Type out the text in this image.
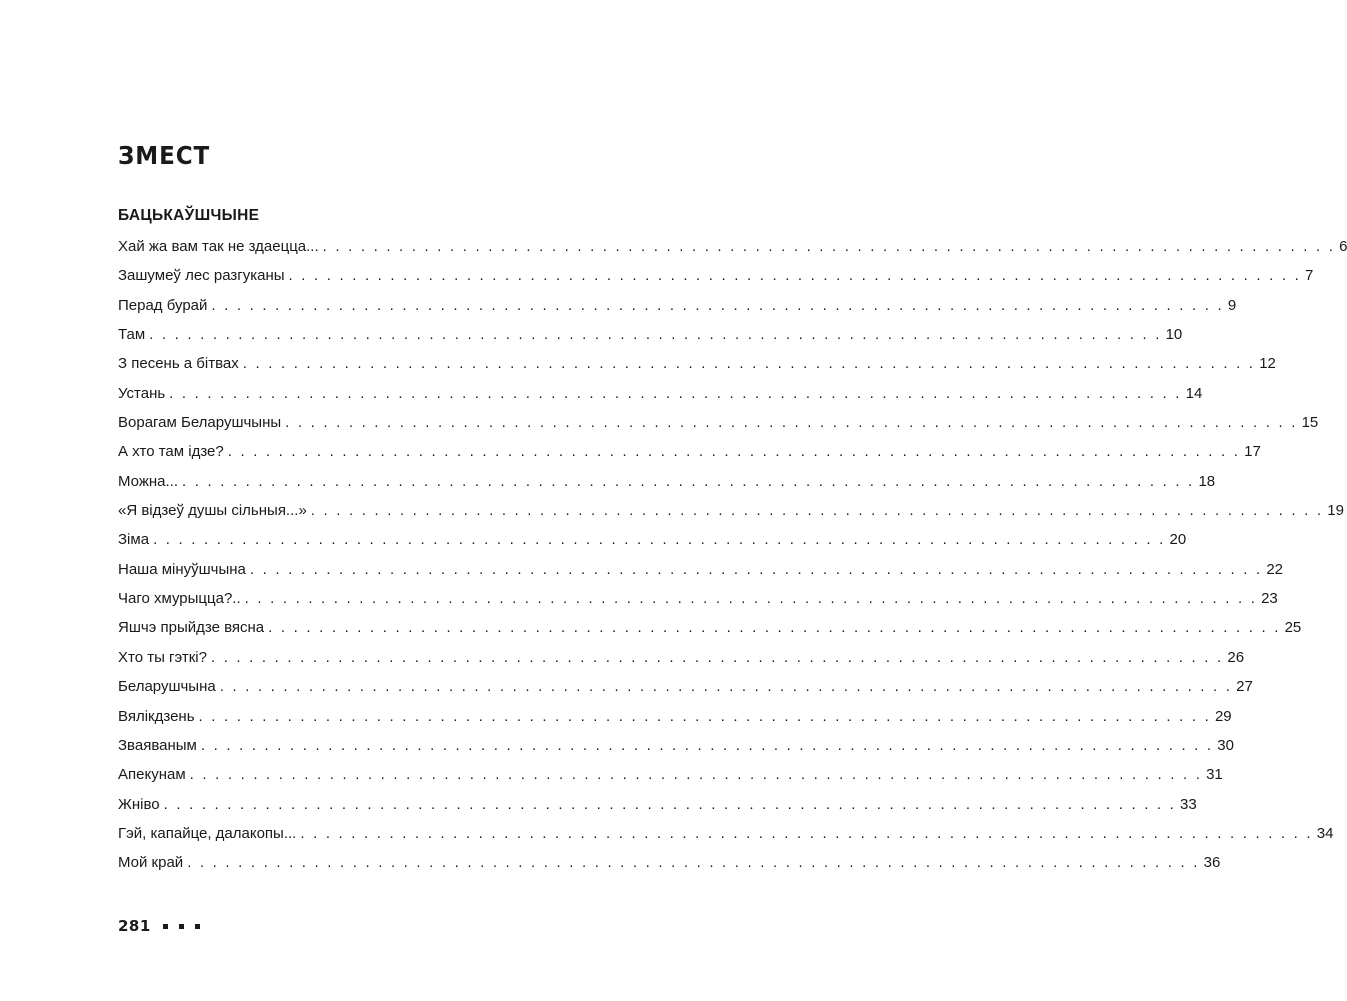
ЗМЕСТ
БАЦЬКАЎШЧЫНЕ
Хай жа вам так не здаецца... . . . . . . . . . . . . . . . . . . . . . . . . . . . . . . . . . . . . . . . . . . . . . . . . . . . . . . . . . . . . . . . . . . . . . . . . . . . . . . . . 6
Зашумеў лес разгуканы . . . . . . . . . . . . . . . . . . . . . . . . . . . . . . . . . . . . . . . . . . . . . . . . . . . . . . . . . . . . . . . . . . . . . . . . . . . . . . . . 7
Перад бурай . . . . . . . . . . . . . . . . . . . . . . . . . . . . . . . . . . . . . . . . . . . . . . . . . . . . . . . . . . . . . . . . . . . . . . . . . . . . . . . . 9
Там . . . . . . . . . . . . . . . . . . . . . . . . . . . . . . . . . . . . . . . . . . . . . . . . . . . . . . . . . . . . . . . . . . . . . . . . . . . . . . . . 10
З песень а бітвах . . . . . . . . . . . . . . . . . . . . . . . . . . . . . . . . . . . . . . . . . . . . . . . . . . . . . . . . . . . . . . . . . . . . . . . . . . . . . . . . 12
Устань . . . . . . . . . . . . . . . . . . . . . . . . . . . . . . . . . . . . . . . . . . . . . . . . . . . . . . . . . . . . . . . . . . . . . . . . . . . . . . . . 14
Ворагам Беларушчыны . . . . . . . . . . . . . . . . . . . . . . . . . . . . . . . . . . . . . . . . . . . . . . . . . . . . . . . . . . . . . . . . . . . . . . . . . . . . . . . . 15
А хто там ідзе? . . . . . . . . . . . . . . . . . . . . . . . . . . . . . . . . . . . . . . . . . . . . . . . . . . . . . . . . . . . . . . . . . . . . . . . . . . . . . . . . 17
Можна... . . . . . . . . . . . . . . . . . . . . . . . . . . . . . . . . . . . . . . . . . . . . . . . . . . . . . . . . . . . . . . . . . . . . . . . . . . . . . . . . 18
«Я відзеў душы сільныя...» . . . . . . . . . . . . . . . . . . . . . . . . . . . . . . . . . . . . . . . . . . . . . . . . . . . . . . . . . . . . . . . . . . . . . . . . . . . . . . . . 19
Зіма . . . . . . . . . . . . . . . . . . . . . . . . . . . . . . . . . . . . . . . . . . . . . . . . . . . . . . . . . . . . . . . . . . . . . . . . . . . . . . . . 20
Наша мінуўшчына . . . . . . . . . . . . . . . . . . . . . . . . . . . . . . . . . . . . . . . . . . . . . . . . . . . . . . . . . . . . . . . . . . . . . . . . . . . . . . . . 22
Чаго хмурыцца?.. . . . . . . . . . . . . . . . . . . . . . . . . . . . . . . . . . . . . . . . . . . . . . . . . . . . . . . . . . . . . . . . . . . . . . . . . . . . . . . . . 23
Яшчэ прыйдзе вясна . . . . . . . . . . . . . . . . . . . . . . . . . . . . . . . . . . . . . . . . . . . . . . . . . . . . . . . . . . . . . . . . . . . . . . . . . . . . . . . . 25
Хто ты гэткі? . . . . . . . . . . . . . . . . . . . . . . . . . . . . . . . . . . . . . . . . . . . . . . . . . . . . . . . . . . . . . . . . . . . . . . . . . . . . . . . . 26
Беларушчына . . . . . . . . . . . . . . . . . . . . . . . . . . . . . . . . . . . . . . . . . . . . . . . . . . . . . . . . . . . . . . . . . . . . . . . . . . . . . . . . 27
Вялікдзень . . . . . . . . . . . . . . . . . . . . . . . . . . . . . . . . . . . . . . . . . . . . . . . . . . . . . . . . . . . . . . . . . . . . . . . . . . . . . . . . 29
Зваяваным . . . . . . . . . . . . . . . . . . . . . . . . . . . . . . . . . . . . . . . . . . . . . . . . . . . . . . . . . . . . . . . . . . . . . . . . . . . . . . . . 30
Апекунам . . . . . . . . . . . . . . . . . . . . . . . . . . . . . . . . . . . . . . . . . . . . . . . . . . . . . . . . . . . . . . . . . . . . . . . . . . . . . . . . 31
Жніво . . . . . . . . . . . . . . . . . . . . . . . . . . . . . . . . . . . . . . . . . . . . . . . . . . . . . . . . . . . . . . . . . . . . . . . . . . . . . . . . 33
Гэй, капайце, далакопы... . . . . . . . . . . . . . . . . . . . . . . . . . . . . . . . . . . . . . . . . . . . . . . . . . . . . . . . . . . . . . . . . . . . . . . . . . . . . . . . . 34
Мой край . . . . . . . . . . . . . . . . . . . . . . . . . . . . . . . . . . . . . . . . . . . . . . . . . . . . . . . . . . . . . . . . . . . . . . . . . . . . . . . . 36
281
